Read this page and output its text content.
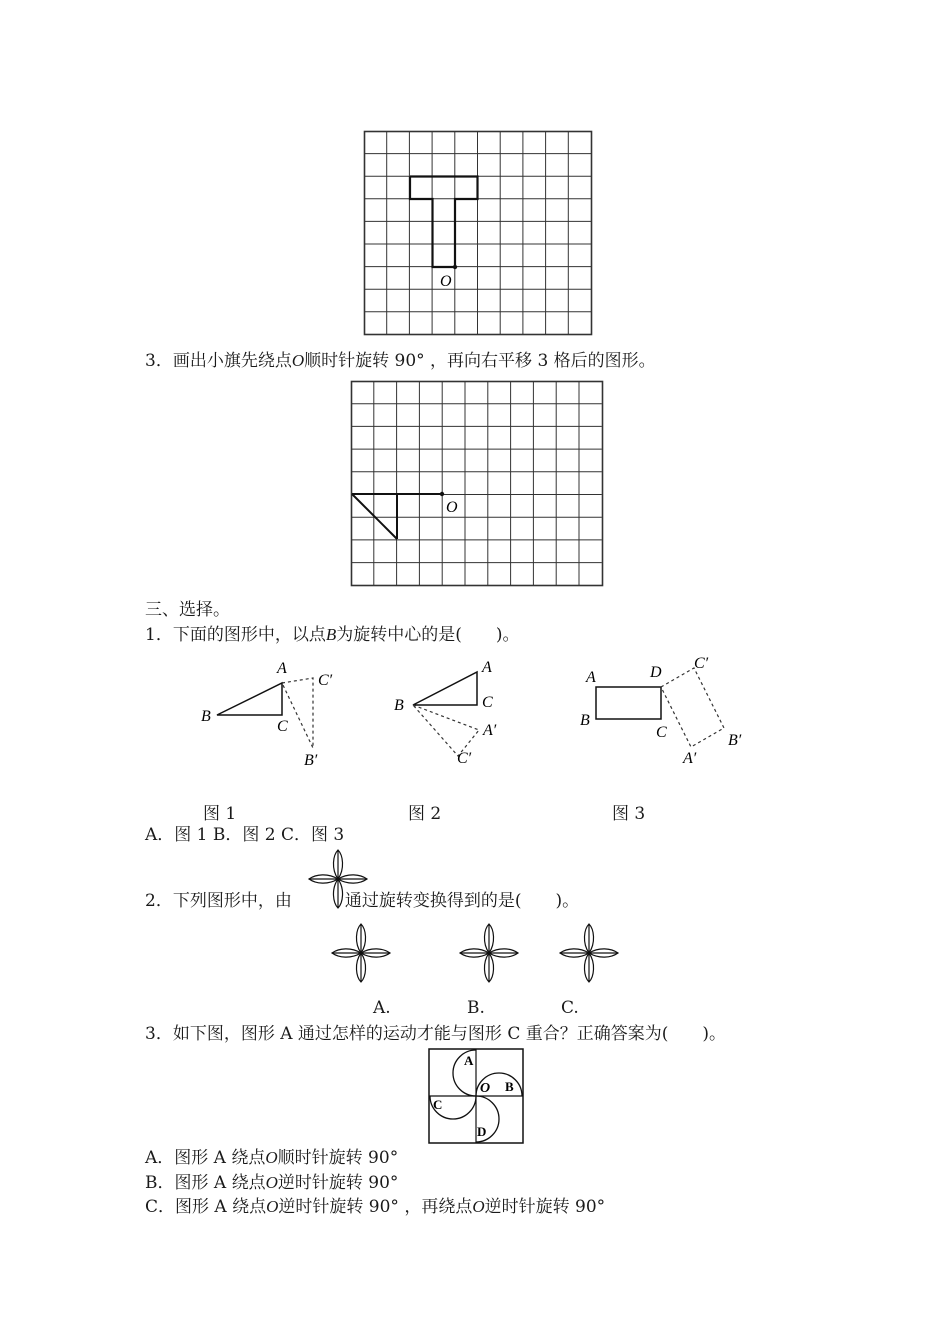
O
3．画出小旗先绕点O顺时针旋转 90° ，再向右平移 3 格后的图形。
O
三、选择。
1．下面的图形中，以点B为旋转中心的是(　　)。
A
B
C
C′
B′
A
B	C
A′
C′
A
B
C
D
C′
B′
A′
图 1	图 2	图 3
A．图 1 B．图 2 C．图 3
2．下列图形中，由	通过旋转变换得到的是(　　)。
A.	B.	C.
3．如下图，图形 A 通过怎样的运动才能与图形 C 重合？正确答案为(　　)。
A
B
C
D
O
A．图形 A 绕点O顺时针旋转 90°
B．图形 A 绕点O逆时针旋转 90°
C．图形 A 绕点O逆时针旋转 90° ，再绕点O逆时针旋转 90°
